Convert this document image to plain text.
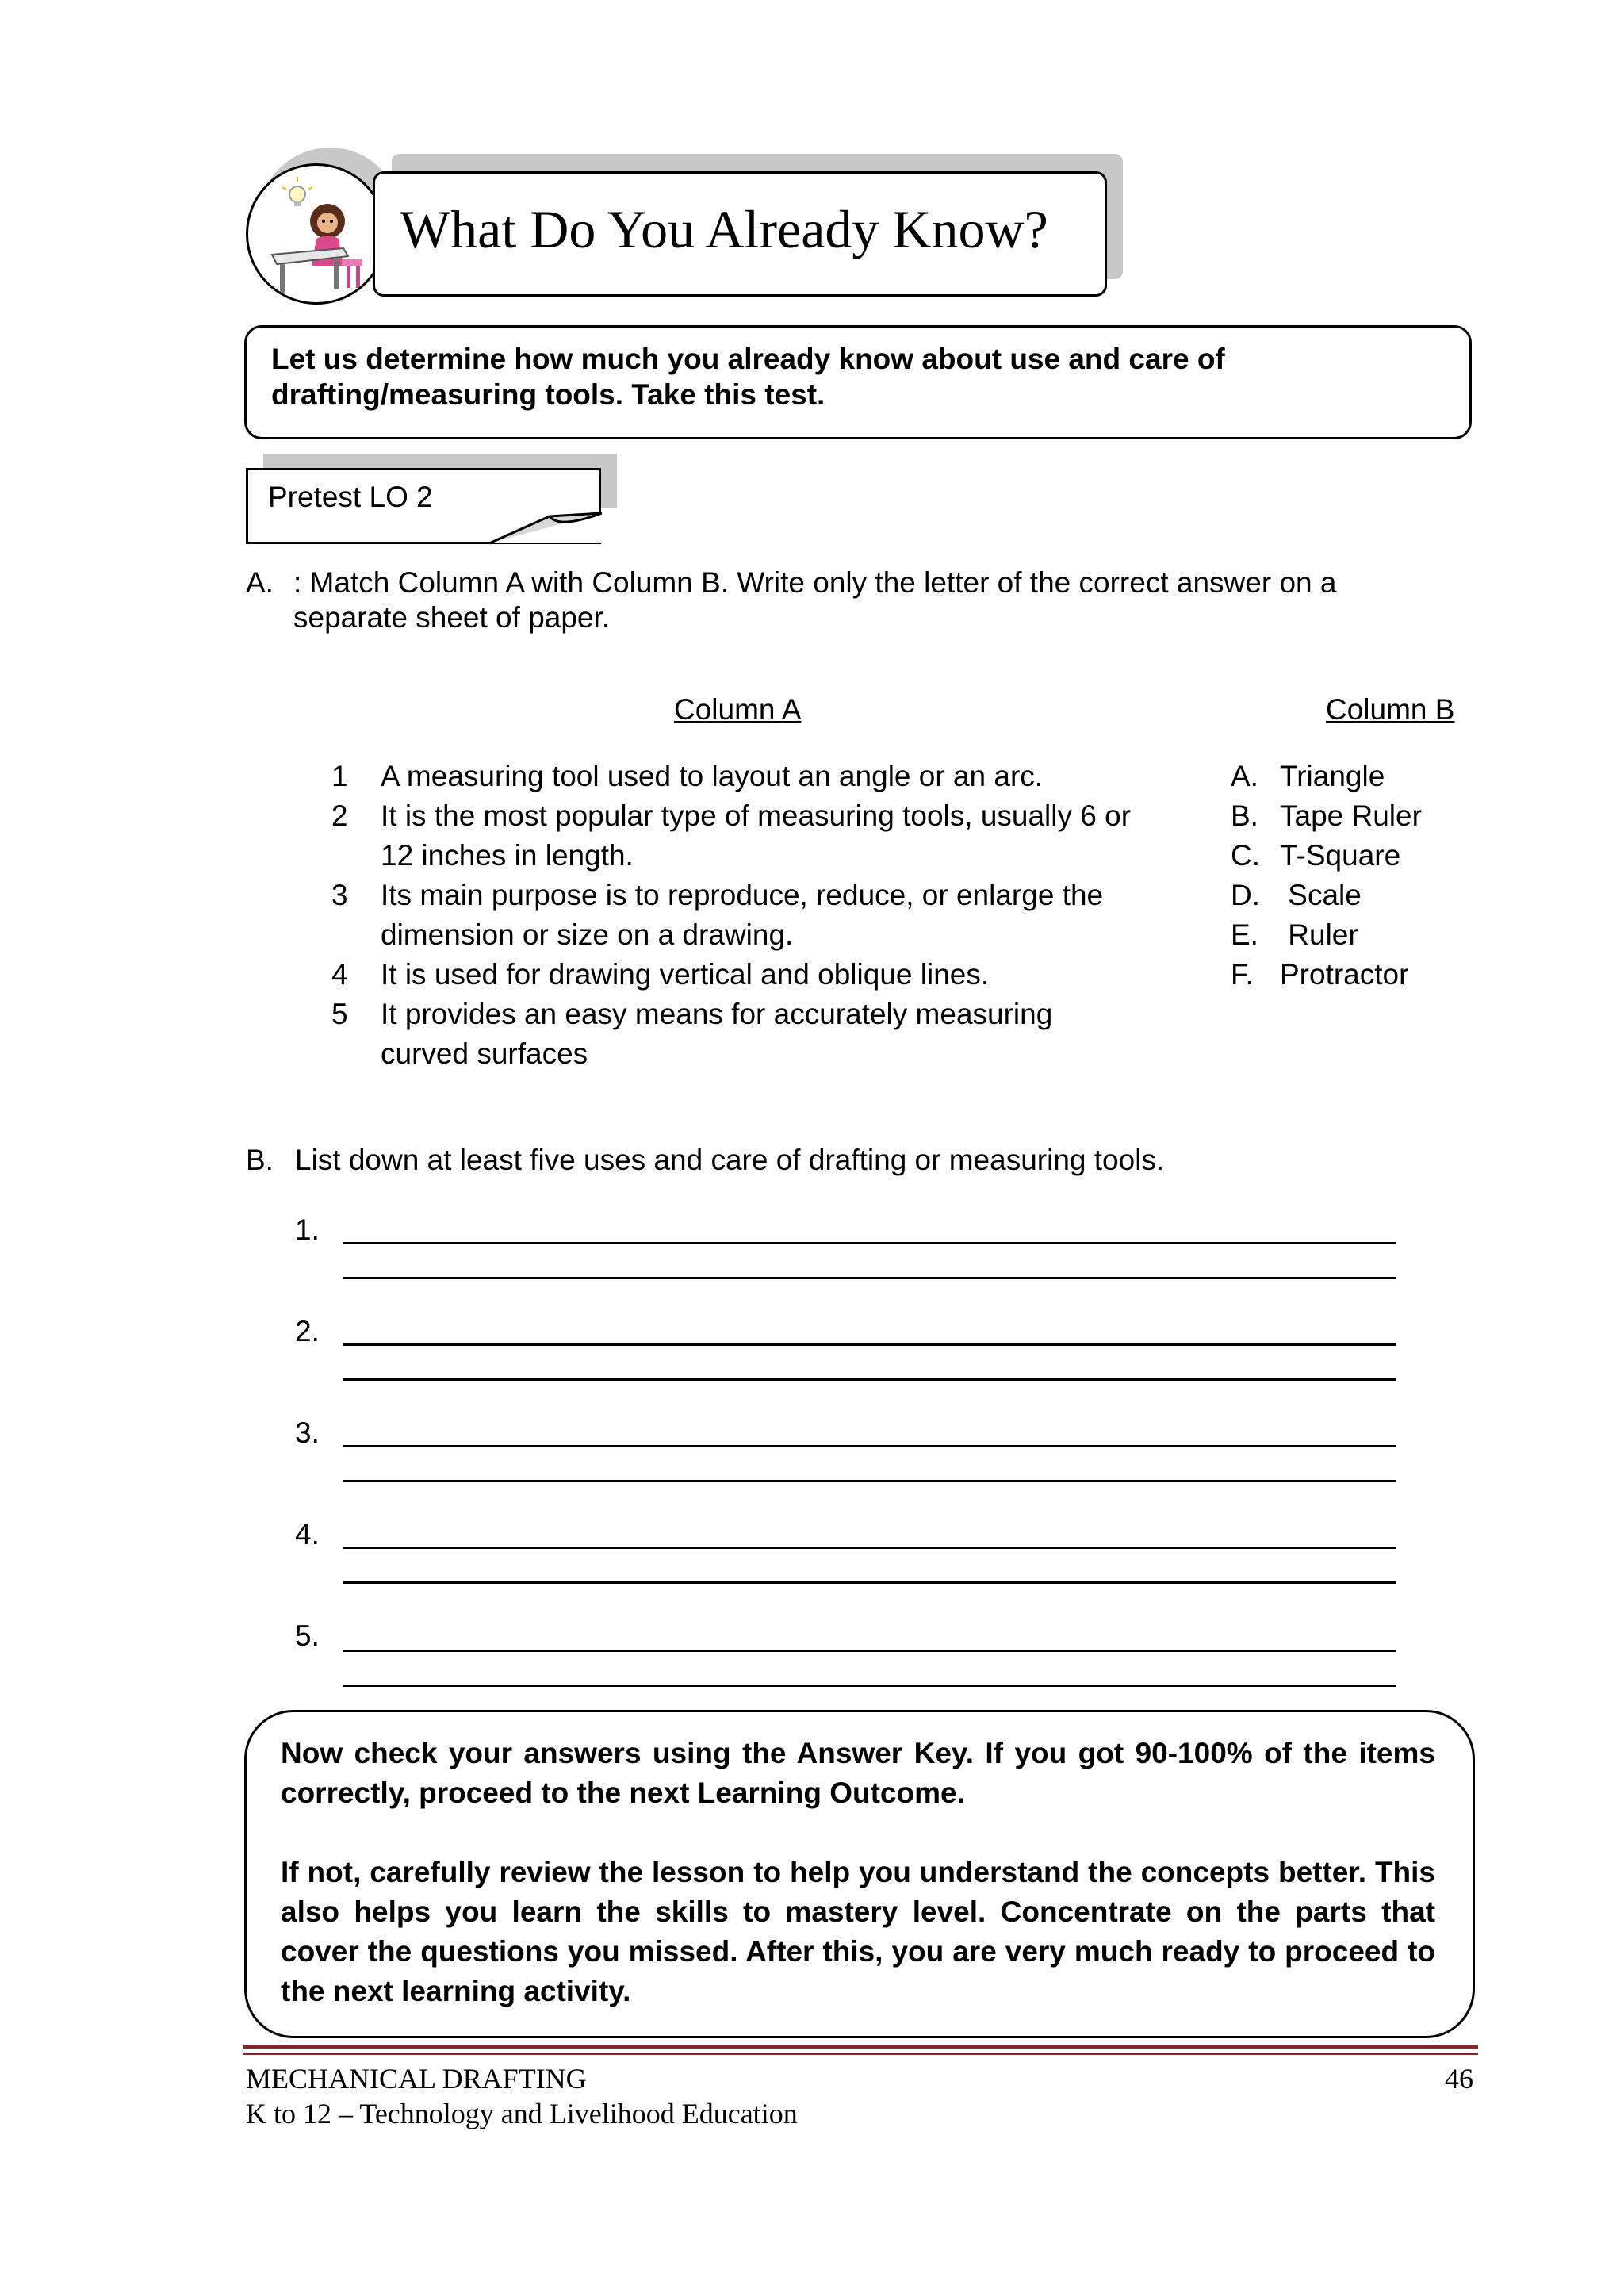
What Do You Already Know?
Let us determine how much you already know about use and care of drafting/measuring tools. Take this test.
Pretest LO 2
A. : Match Column A with Column B. Write only the letter of the correct answer on a
separate sheet of paper.
Column A	Column B
1 A measuring tool used to layout an angle or an arc.
2 It is the most popular type of measuring tools, usually 6 or
12 inches in length.
3 Its main purpose is to reproduce, reduce, or enlarge the
dimension or size on a drawing.
4 It is used for drawing vertical and oblique lines.
5 It provides an easy means for accurately measuring
curved surfaces
A. Triangle
B. Tape Ruler
C. T-Square
D. Scale
E. Ruler
F. Protractor
B. List down at least five uses and care of drafting or measuring tools.
1.
2.
3.
4.
5.
Now check your answers using the Answer Key. If you got 90-100% of the items correctly, proceed to the next Learning Outcome.
If not, carefully review the lesson to help you understand the concepts better. This also helps you learn the skills to mastery level. Concentrate on the parts that cover the questions you missed. After this, you are very much ready to proceed to the next learning activity.
MECHANICAL DRAFTING	46
K to 12 – Technology and Livelihood Education
